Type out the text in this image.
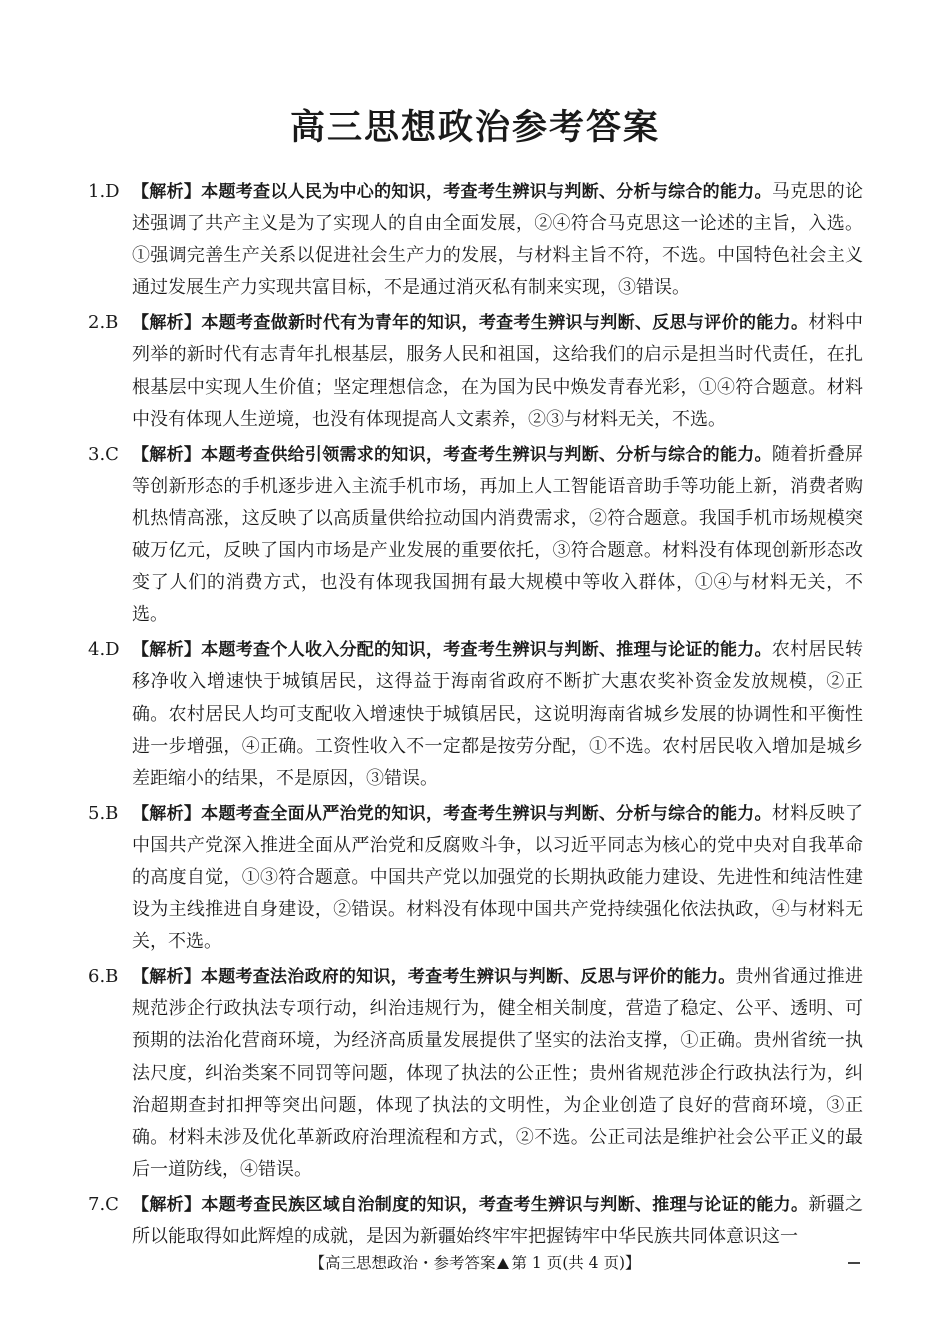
高三思想政治参考答案
1.D 【解析】本题考查以人民为中心的知识，考查考生辨识与判断、分析与综合的能力。马克思的论述强调了共产主义是为了实现人的自由全面发展，②④符合马克思这一论述的主旨，入选。①强调完善生产关系以促进社会生产力的发展，与材料主旨不符，不选。中国特色社会主义通过发展生产力实现共富目标，不是通过消灭私有制来实现，③错误。
2.B 【解析】本题考查做新时代有为青年的知识，考查考生辨识与判断、反思与评价的能力。材料中列举的新时代有志青年扎根基层，服务人民和祖国，这给我们的启示是担当时代责任，在扎根基层中实现人生价值；坚定理想信念，在为国为民中焕发青春光彩，①④符合题意。材料中没有体现人生逆境，也没有体现提高人文素养，②③与材料无关，不选。
3.C 【解析】本题考查供给引领需求的知识，考查考生辨识与判断、分析与综合的能力。随着折叠屏等创新形态的手机逐步进入主流手机市场，再加上人工智能语音助手等功能上新，消费者购机热情高涨，这反映了以高质量供给拉动国内消费需求，②符合题意。我国手机市场规模突破万亿元，反映了国内市场是产业发展的重要依托，③符合题意。材料没有体现创新形态改变了人们的消费方式，也没有体现我国拥有最大规模中等收入群体，①④与材料无关，不选。
4.D 【解析】本题考查个人收入分配的知识，考查考生辨识与判断、推理与论证的能力。农村居民转移净收入增速快于城镇居民，这得益于海南省政府不断扩大惠农奖补资金发放规模，②正确。农村居民人均可支配收入增速快于城镇居民，这说明海南省城乡发展的协调性和平衡性进一步增强，④正确。工资性收入不一定都是按劳分配，①不选。农村居民收入增加是城乡差距缩小的结果，不是原因，③错误。
5.B 【解析】本题考查全面从严治党的知识，考查考生辨识与判断、分析与综合的能力。材料反映了中国共产党深入推进全面从严治党和反腐败斗争，以习近平同志为核心的党中央对自我革命的高度自觉，①③符合题意。中国共产党以加强党的长期执政能力建设、先进性和纯洁性建设为主线推进自身建设，②错误。材料没有体现中国共产党持续强化依法执政，④与材料无关，不选。
6.B 【解析】本题考查法治政府的知识，考查考生辨识与判断、反思与评价的能力。贵州省通过推进规范涉企行政执法专项行动，纠治违规行为，健全相关制度，营造了稳定、公平、透明、可预期的法治化营商环境，为经济高质量发展提供了坚实的法治支撑，①正确。贵州省统一执法尺度，纠治类案不同罚等问题，体现了执法的公正性；贵州省规范涉企行政执法行为，纠治超期查封扣押等突出问题，体现了执法的文明性，为企业创造了良好的营商环境，③正确。材料未涉及优化革新政府治理流程和方式，②不选。公正司法是维护社会公平正义的最后一道防线，④错误。
7.C 【解析】本题考查民族区域自治制度的知识，考查考生辨识与判断、推理与论证的能力。新疆之所以能取得如此辉煌的成就，是因为新疆始终牢牢把握铸牢中华民族共同体意识这一
【高三思想政治・参考答案 第 1 页(共 4 页)】
